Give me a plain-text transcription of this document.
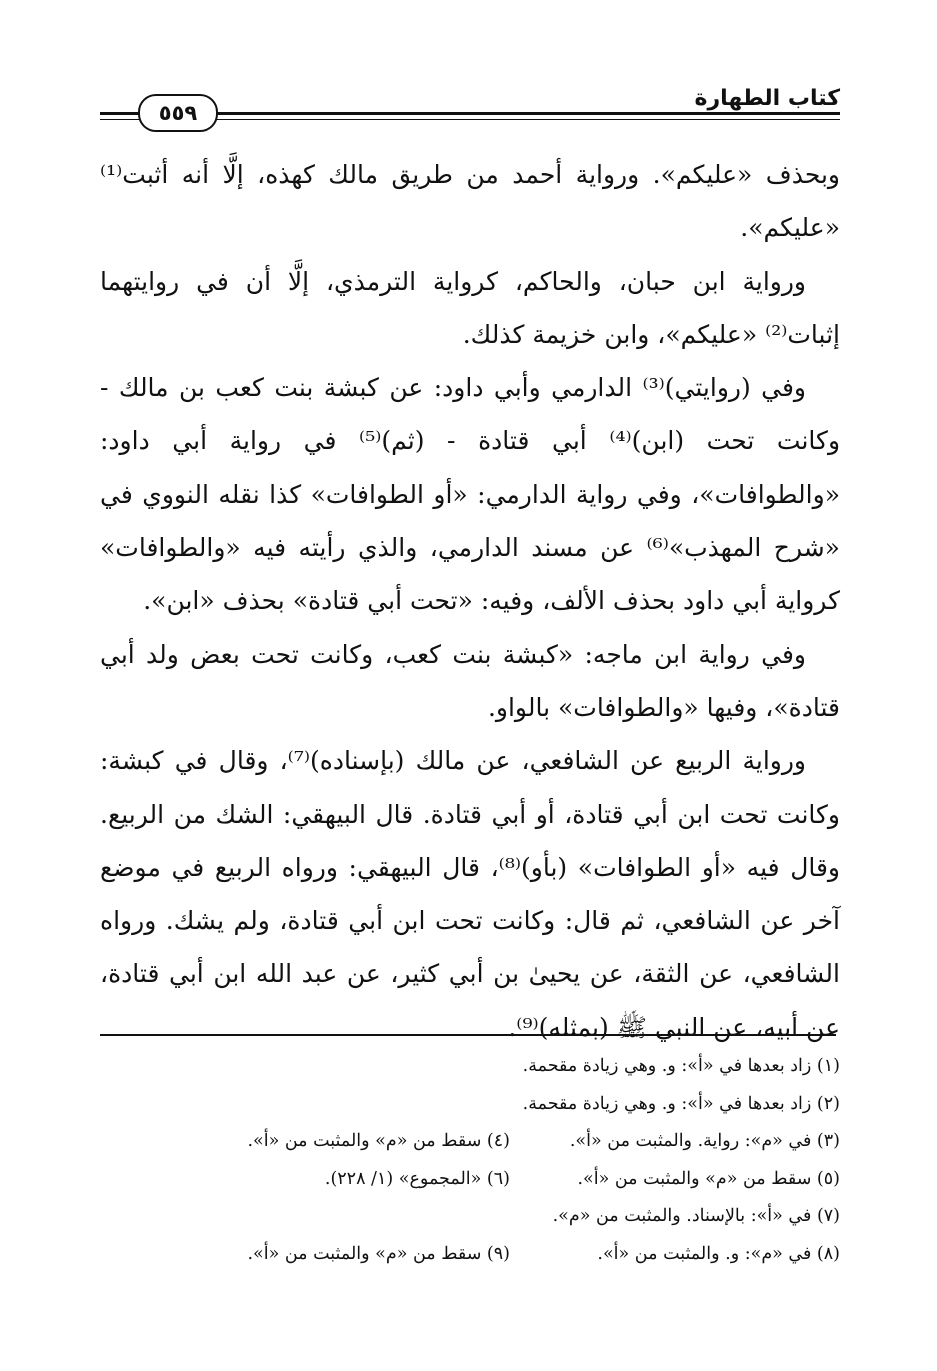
كتاب الطهارة
٥٥٩

وبحذف «عليكم». ورواية أحمد من طريق مالك كهذه، إلَّا أنه أثبت⁽¹⁾ «عليكم».

ورواية ابن حبان، والحاكم، كرواية الترمذي، إلَّا أن في روايتهما إثبات⁽²⁾ «عليكم»، وابن خزيمة كذلك.

وفي (روايتي)⁽³⁾ الدارمي وأبي داود: عن كبشة بنت كعب بن مالك - وكانت تحت (ابن)⁽⁴⁾ أبي قتادة - (ثم)⁽⁵⁾ في رواية أبي داود: «والطوافات»، وفي رواية الدارمي: «أو الطوافات» كذا نقله النووي في «شرح المهذب»⁽⁶⁾ عن مسند الدارمي، والذي رأيته فيه «والطوافات» كرواية أبي داود بحذف الألف، وفيه: «تحت أبي قتادة» بحذف «ابن».

وفي رواية ابن ماجه: «كبشة بنت كعب، وكانت تحت بعض ولد أبي قتادة»، وفيها «والطوافات» بالواو.

ورواية الربيع عن الشافعي، عن مالك (بإسناده)⁽⁷⁾، وقال في كبشة: وكانت تحت ابن أبي قتادة، أو أبي قتادة. قال البيهقي: الشك من الربيع. وقال فيه «أو الطوافات» (بأو)⁽⁸⁾، قال البيهقي: ورواه الربيع في موضع آخر عن الشافعي، ثم قال: وكانت تحت ابن أبي قتادة، ولم يشك. ورواه الشافعي، عن الثقة، عن يحيىٰ بن أبي كثير، عن عبد الله ابن أبي قتادة، عن أبيه، عن النبي ﷺ (بمثله)⁽⁹⁾.

(١) زاد بعدها في «أ»: و. وهي زيادة مقحمة.
(٢) زاد بعدها في «أ»: و. وهي زيادة مقحمة.
(٣) في «م»: رواية. والمثبت من «أ».
(٤) سقط من «م» والمثبت من «أ».
(٥) سقط من «م» والمثبت من «أ».
(٦) «المجموع» (١/ ٢٢٨).
(٧) في «أ»: بالإسناد. والمثبت من «م».
(٨) في «م»: و. والمثبت من «أ».
(٩) سقط من «م» والمثبت من «أ».
